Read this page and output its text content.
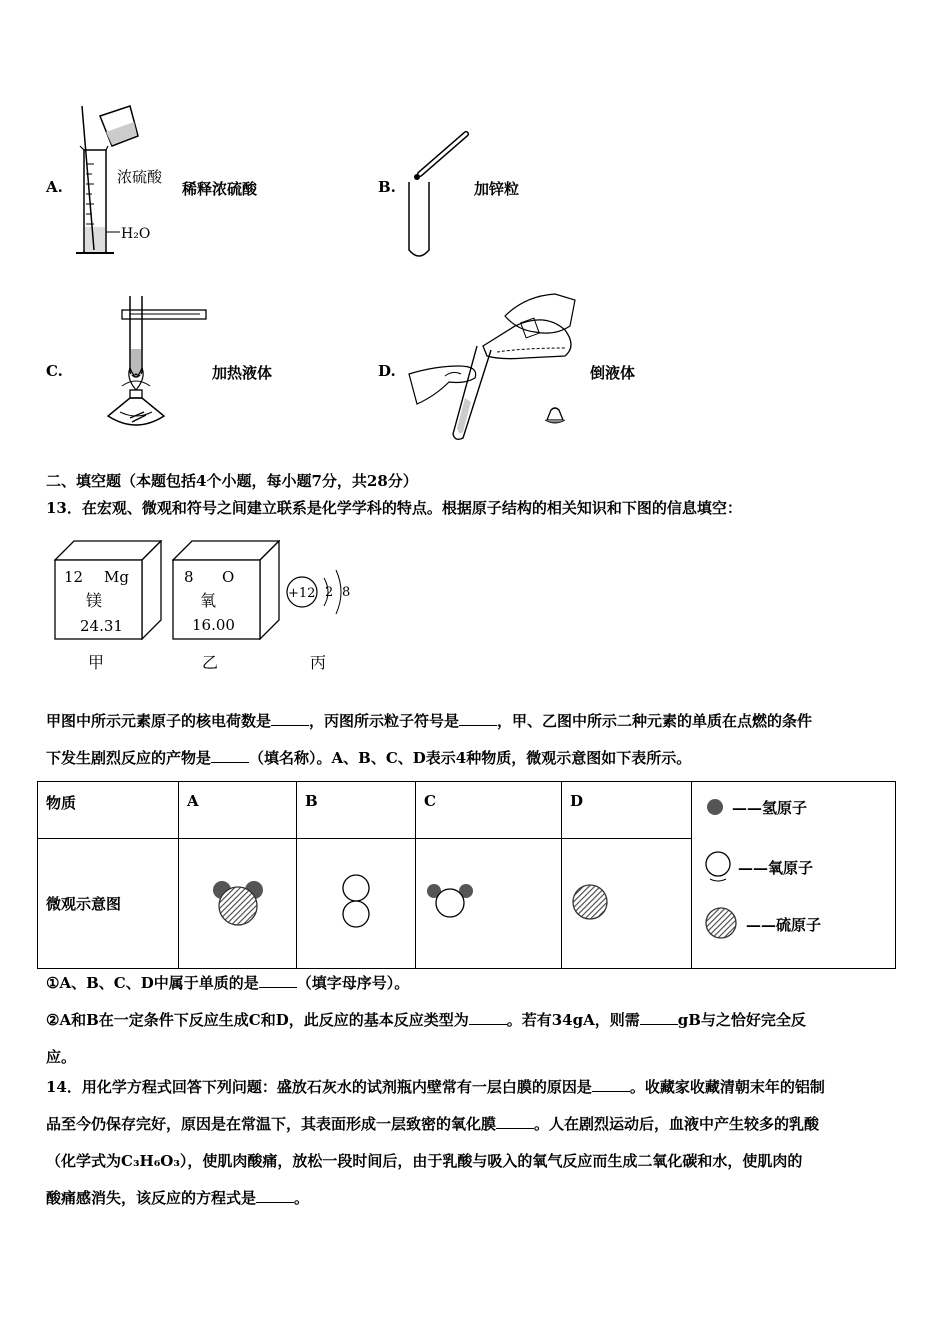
A.
浓硫酸
H₂O
稀释浓硫酸	B.	加锌粒
C.	加热液体	D.	倒液体
二、填空题（本题包括4个小题，每小题7分，共28分）
13．在宏观、微观和符号之间建立联系是化学学科的特点。根据原子结构的相关知识和下图的信息填空：
12 Mg
镁
24.31
甲
8 O
氧
16.00
乙
+12 2 8
丙
甲图中所示元素原子的核电荷数是	，丙图所示粒子符号是	，甲、乙图中所示二种元素的单质在点燃的条件
下发生剧烈反应的产物是	（填名称）。A、B、C、D表示4种物质，微观示意图如下表所示。
物质	A	B	C	D	——氢原子
——氧原子
——硫原子

微观示意图				
①A、B、C、D中属于单质的是	（填字母序号）。
②A和B在一定条件下反应生成C和D，此反应的基本反应类型为	。若有34gA，则需	gB与之恰好完全反
应。
14．用化学方程式回答下列问题：盛放石灰水的试剂瓶内壁常有一层白膜的原因是	。收藏家收藏清朝末年的铝制
品至今仍保存完好，原因是在常温下，其表面形成一层致密的氧化膜	。人在剧烈运动后，血液中产生较多的乳酸
（化学式为C₃H₆O₃），使肌肉酸痛，放松一段时间后，由于乳酸与吸入的氧气反应而生成二氧化碳和水，使肌肉的
酸痛感消失，该反应的方程式是	。
